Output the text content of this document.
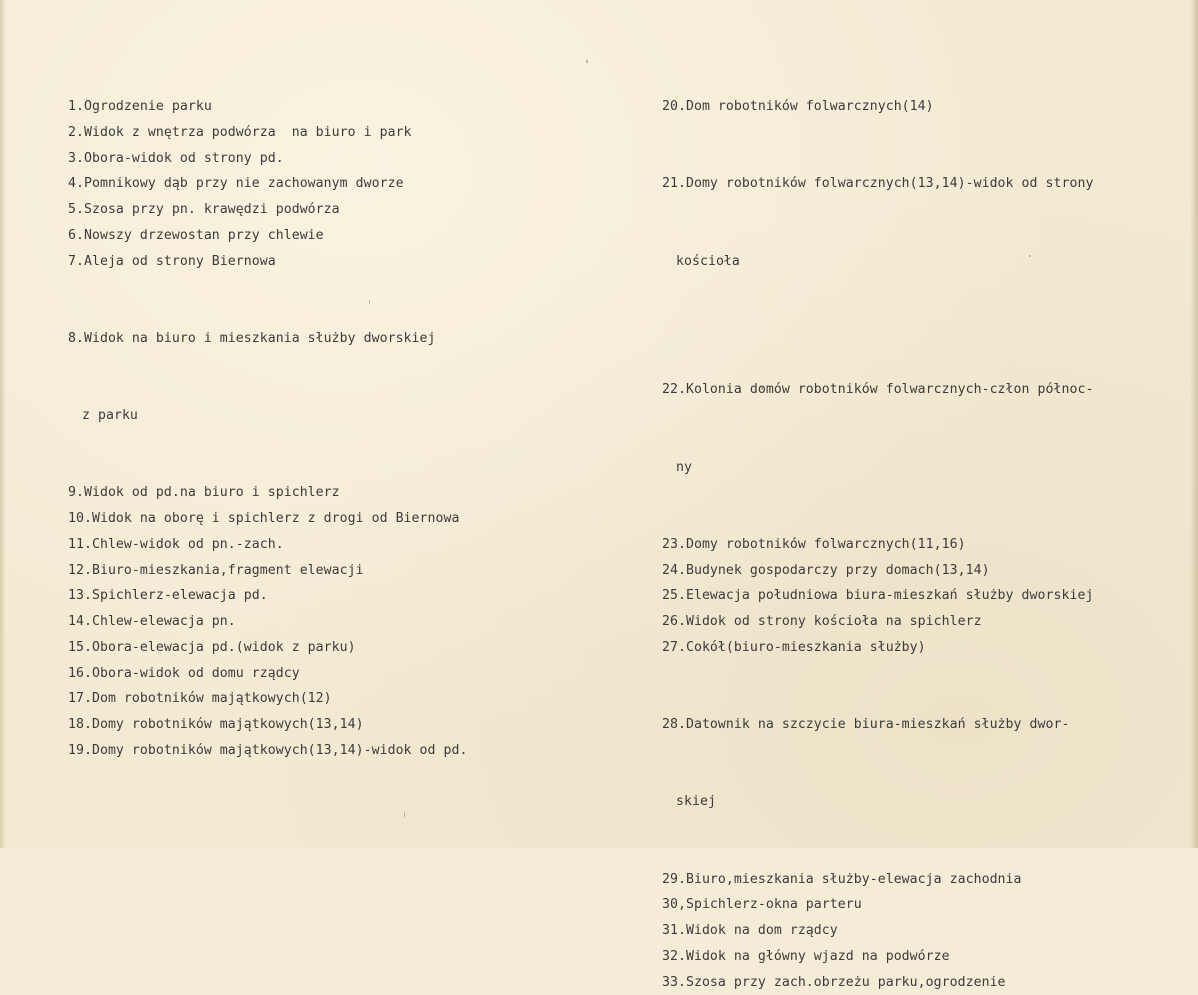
1.Ogrodzenie parku
2.Widok z wnętrza podwórza  na biuro i park
3.Obora-widok od strony pd.
4.Pomnikowy dąb przy nie zachowanym dworze
5.Szosa przy pn. krawędzi podwórza
6.Nowszy drzewostan przy chlewie
7.Aleja od strony Biernowa

8.Widok na biuro i mieszkania służby dworskiej

z parku

9.Widok od pd.na biuro i spichlerz
10.Widok na oborę i spichlerz z drogi od Biernowa
11.Chlew-widok od pn.-zach.
12.Biuro-mieszkania,fragment elewacji
13.Spichlerz-elewacja pd.
14.Chlew-elewacja pn.
15.Obora-elewacja pd.(widok z parku)
16.Obora-widok od domu rządcy
17.Dom robotników majątkowych(12)
18.Domy robotników majątkowych(13,14)
19.Domy robotników majątkowych(13,14)-widok od pd.
20.Dom robotników folwarcznych(14)

21.Domy robotników folwarcznych(13,14)-widok od strony

kościoła

22.Kolonia domów robotników folwarcznych-człon północ-

ny

23.Domy robotników folwarcznych(11,16)
24.Budynek gospodarczy przy domach(13,14)
25.Elewacja południowa biura-mieszkań służby dworskiej
26.Widok od strony kościoła na spichlerz
27.Cokół(biuro-mieszkania służby)

28.Datownik na szczycie biura-mieszkań służby dwor-

skiej

29.Biuro,mieszkania służby-elewacja zachodnia
30,Spichlerz-okna parteru
31.Widok na dom rządcy
32.Widok na główny wjazd na podwórze
33.Szosa przy zach.obrzeżu parku,ogrodzenie
